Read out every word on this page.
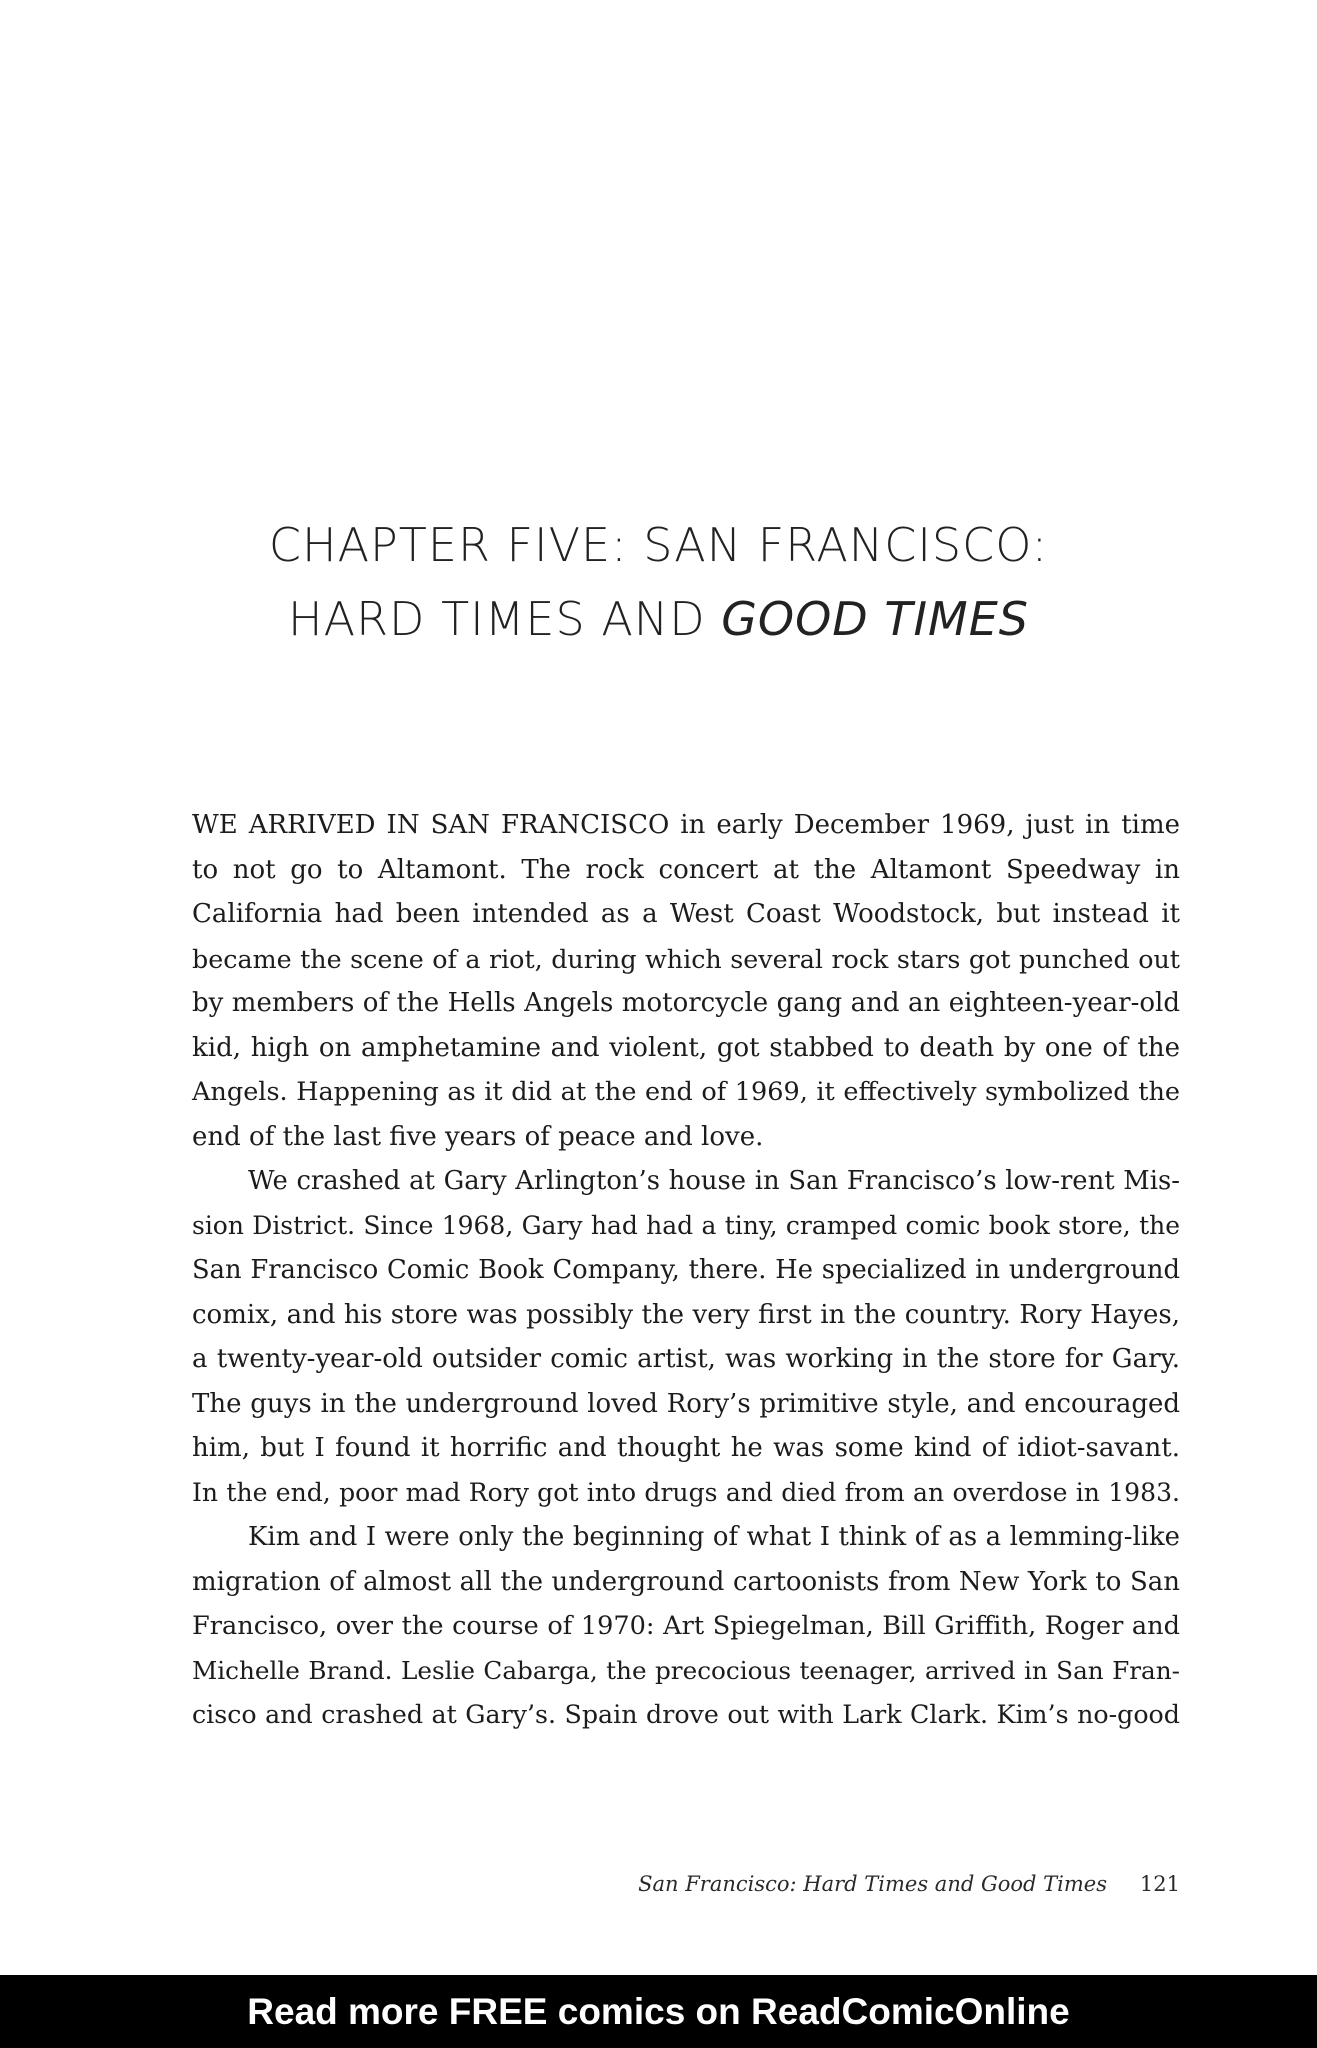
CHAPTER FIVE: SAN FRANCISCO:
HARD TIMES AND GOOD TIMES
WE ARRIVED IN SAN FRANCISCO in early December 1969, just in time
to not go to Altamont. The rock concert at the Altamont Speedway in
California had been intended as a West Coast Woodstock, but instead it
became the scene of a riot, during which several rock stars got punched out
by members of the Hells Angels motorcycle gang and an eighteen-year-old
kid, high on amphetamine and violent, got stabbed to death by one of the
Angels. Happening as it did at the end of 1969, it effectively symbolized the
end of the last five years of peace and love.
We crashed at Gary Arlington’s house in San Francisco’s low-rent Mis-
sion District. Since 1968, Gary had had a tiny, cramped comic book store, the
San Francisco Comic Book Company, there. He specialized in underground
comix, and his store was possibly the very first in the country. Rory Hayes,
a twenty-year-old outsider comic artist, was working in the store for Gary.
The guys in the underground loved Rory’s primitive style, and encouraged
him, but I found it horrific and thought he was some kind of idiot-savant.
In the end, poor mad Rory got into drugs and died from an overdose in 1983.
Kim and I were only the beginning of what I think of as a lemming-like
migration of almost all the underground cartoonists from New York to San
Francisco, over the course of 1970: Art Spiegelman, Bill Griffith, Roger and
Michelle Brand. Leslie Cabarga, the precocious teenager, arrived in San Fran-
cisco and crashed at Gary’s. Spain drove out with Lark Clark. Kim’s no-good
San Francisco: Hard Times and Good Times 121
Read more FREE comics on ReadComicOnline
